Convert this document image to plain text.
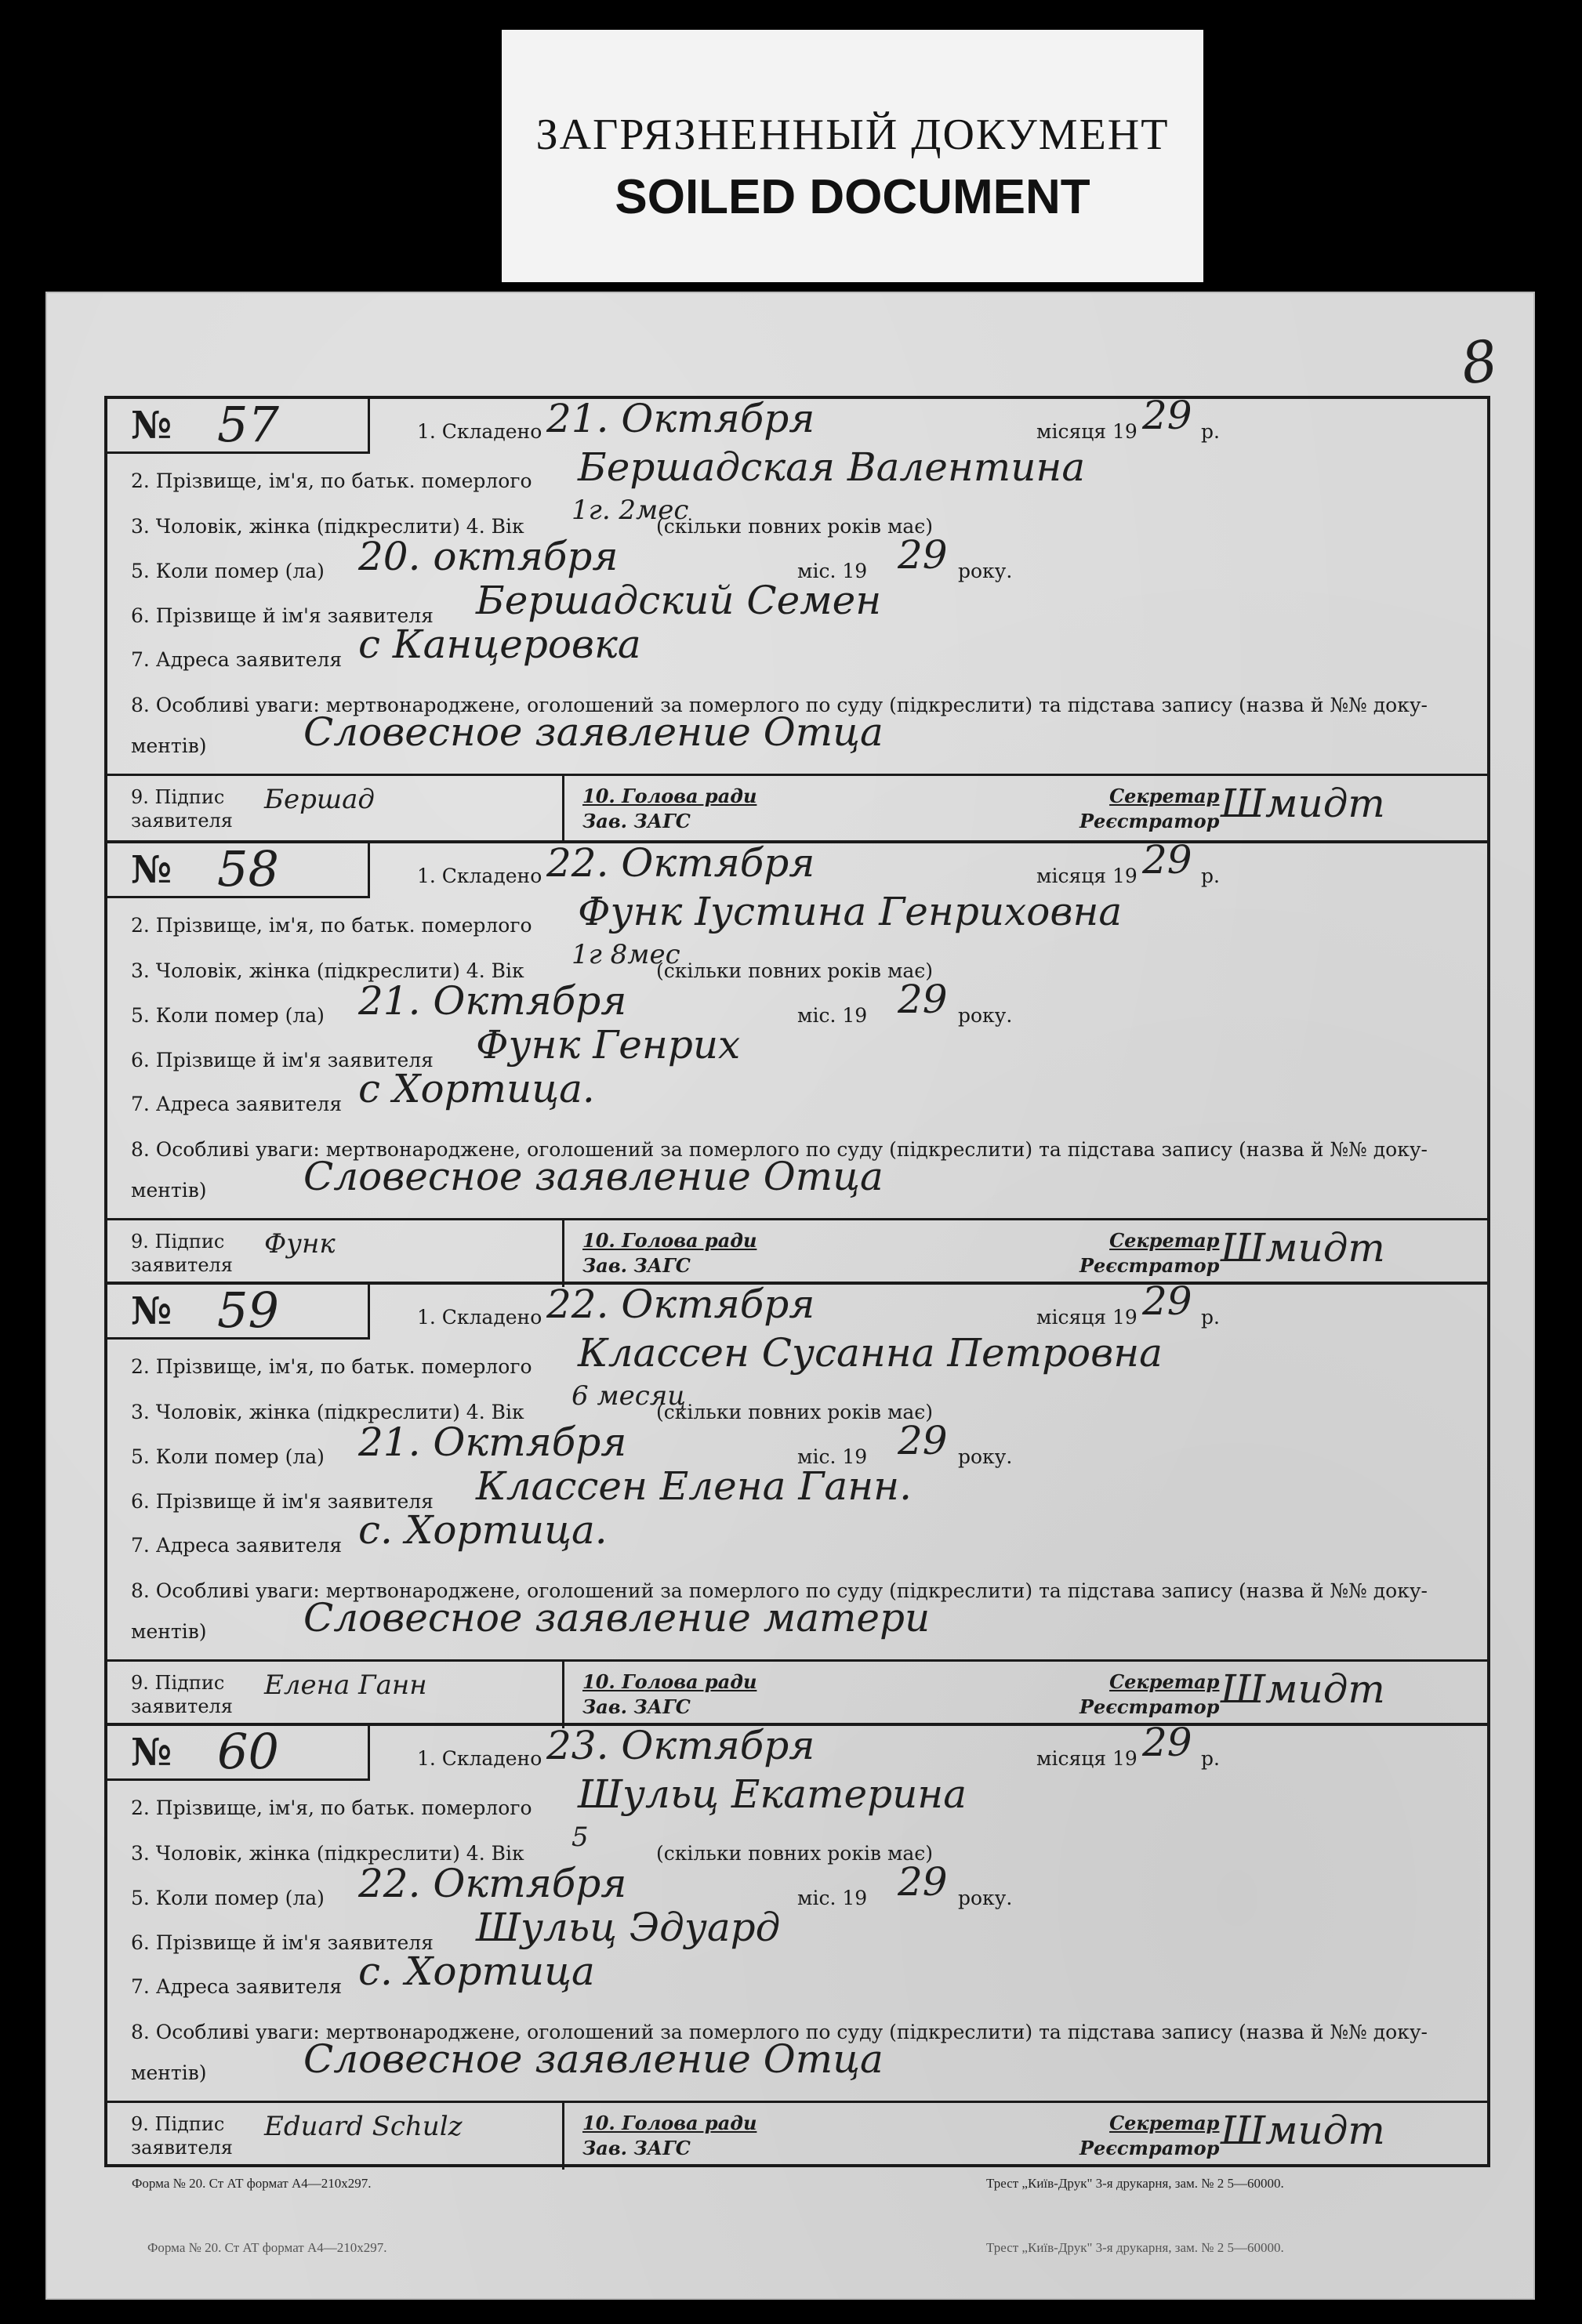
ЗАГРЯЗНЕННЫЙ ДОКУМЕНТ
SOILED DOCUMENT
8
№ 57	1. Складено 21. Октября	місяця 19 29 р.
2. Прізвище, ім'я, по батьк. померлого Бершадская Валентина
3. Чоловік, жінка (підкреслити) 4. Вік
1г. 2мес
(скільки повних років має)
5. Коли помер (ла) 20. октября	міс. 19 29 року.
6. Прізвище й ім'я заявителя Бершадский Семен
7. Адреса заявителя с Канцеровка
8. Особливі уваги: мертвонароджене, оголошений за померлого по суду (підкреслити) та підстава запису (назва й №№ доку-
ментів) Словесное заявление Отца
9. Підпис
заявителя
Бершад	10. Голова ради
Зав. ЗАГС
Секретар
Реєстратор Шмидт
№ 58	1. Складено 22. Октября	місяця 19 29 р.
2. Прізвище, ім'я, по батьк. померлого Функ Іустина Генриховна
3. Чоловік, жінка (підкреслити) 4. Вік
1г 8мес
(скільки повних років має)
5. Коли помер (ла) 21. Октября	міс. 19 29 року.
6. Прізвище й ім'я заявителя Функ Генрих
7. Адреса заявителя с Хортица.
8. Особливі уваги: мертвонароджене, оголошений за померлого по суду (підкреслити) та підстава запису (назва й №№ доку-
ментів) Словесное заявление Отца
9. Підпис
заявителя
Функ	10. Голова ради
Зав. ЗАГС
Секретар
Реєстратор Шмидт
№ 59	1. Складено 22. Октября	місяця 19 29 р.
2. Прізвище, ім'я, по батьк. померлого Классен Сусанна Петровна
3. Чоловік, жінка (підкреслити) 4. Вік
6 месяц
(скільки повних років має)
5. Коли помер (ла) 21. Октября	міс. 19 29 року.
6. Прізвище й ім'я заявителя Классен Елена Ганн.
7. Адреса заявителя с. Хортица.
8. Особливі уваги: мертвонароджене, оголошений за померлого по суду (підкреслити) та підстава запису (назва й №№ доку-
ментів) Словесное заявление матери
9. Підпис
заявителя
Елена Ганн	10. Голова ради
Зав. ЗАГС
Секретар
Реєстратор Шмидт
№ 60	1. Складено 23. Октября	місяця 19 29 р.
2. Прізвище, ім'я, по батьк. померлого Шульц Екатерина
3. Чоловік, жінка (підкреслити) 4. Вік
5
(скільки повних років має)
5. Коли помер (ла) 22. Октября	міс. 19 29 року.
6. Прізвище й ім'я заявителя Шульц Эдуард
7. Адреса заявителя с. Хортица
8. Особливі уваги: мертвонароджене, оголошений за померлого по суду (підкреслити) та підстава запису (назва й №№ доку-
ментів) Словесное заявление Отца
9. Підпис
заявителя
Eduard Schulz	10. Голова ради
Зав. ЗАГС
Секретар
Реєстратор Шмидт
Форма № 20. Ст АТ формат А4—210х297.	Трест „Київ-Друк" 3-я друкарня, зам. № 2 5—60000.
Форма № 20. Ст АТ формат А4—210х297.	Трест „Київ-Друк" 3-я друкарня, зам. № 2 5—60000.
